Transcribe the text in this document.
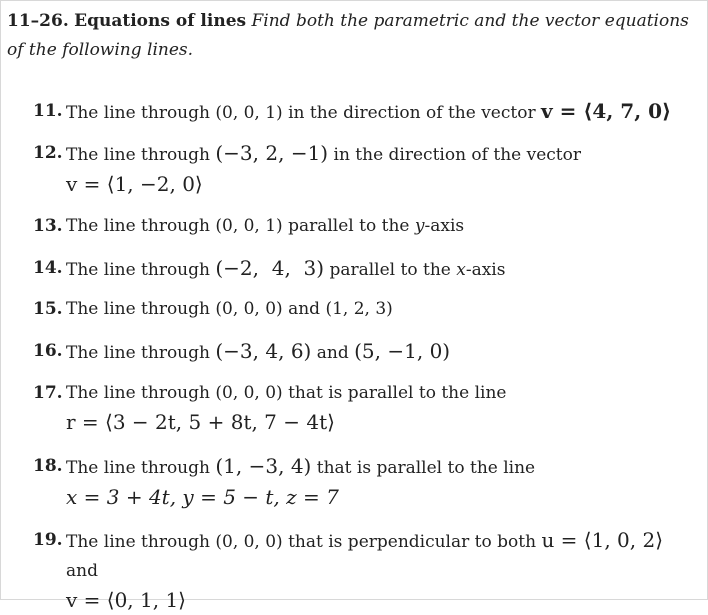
11–26. Equations of lines Find both the parametric and the vector equations of the following lines.
11. The line through (0, 0, 1) in the direction of the vector v = ⟨4, 7, 0⟩
12. The line through (−3, 2, −1) in the direction of the vector
v = ⟨1, −2, 0⟩
13. The line through (0, 0, 1) parallel to the y-axis
14. The line through (−2,  4,  3) parallel to the x-axis
15. The line through (0, 0, 0) and (1, 2, 3)
16. The line through (−3, 4, 6) and (5, −1, 0)
17. The line through (0, 0, 0) that is parallel to the line
r = ⟨3 − 2t, 5 + 8t, 7 − 4t⟩
18. The line through (1, −3, 4) that is parallel to the line
x = 3 + 4t, y = 5 − t, z = 7
19. The line through (0, 0, 0) that is perpendicular to both u = ⟨1, 0, 2⟩ and
v = ⟨0, 1, 1⟩
